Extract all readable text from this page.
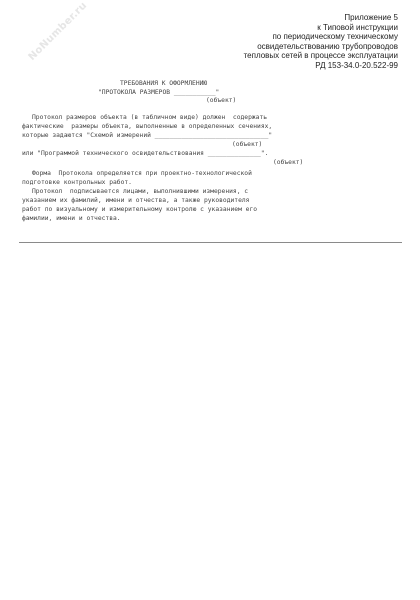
NoNumber.ru	Приложение 5
к Типовой инструкции
по периодическому техническому
освидетельствованию трубопроводов
тепловых сетей в процессе эксплуатации
РД 153-34.0-20.522-99
ТРЕБОВАНИЯ К ОФОРМЛЕНИЮ
"ПРОТОКОЛА РАЗМЕРОВ ___________"
(объект)
Протокол размеров объекта (в табличном виде) должен  содержать
фактические  размеры объекта, выполненные в определенных сечениях,
которые задаются "Схемой измерений ______________________________"
(объект)
или "Программой технического освидетельствования ______________".
(объект)
Форма  Протокола определяется при проектно-технологической
подготовке контрольных работ.
Протокол  подписывается лицами, выполнившими измерения, с
указанием их фамилий, имени и отчества, а также руководителя
работ по визуальному и измерительному контролю с указанием его
фамилии, имени и отчества.
